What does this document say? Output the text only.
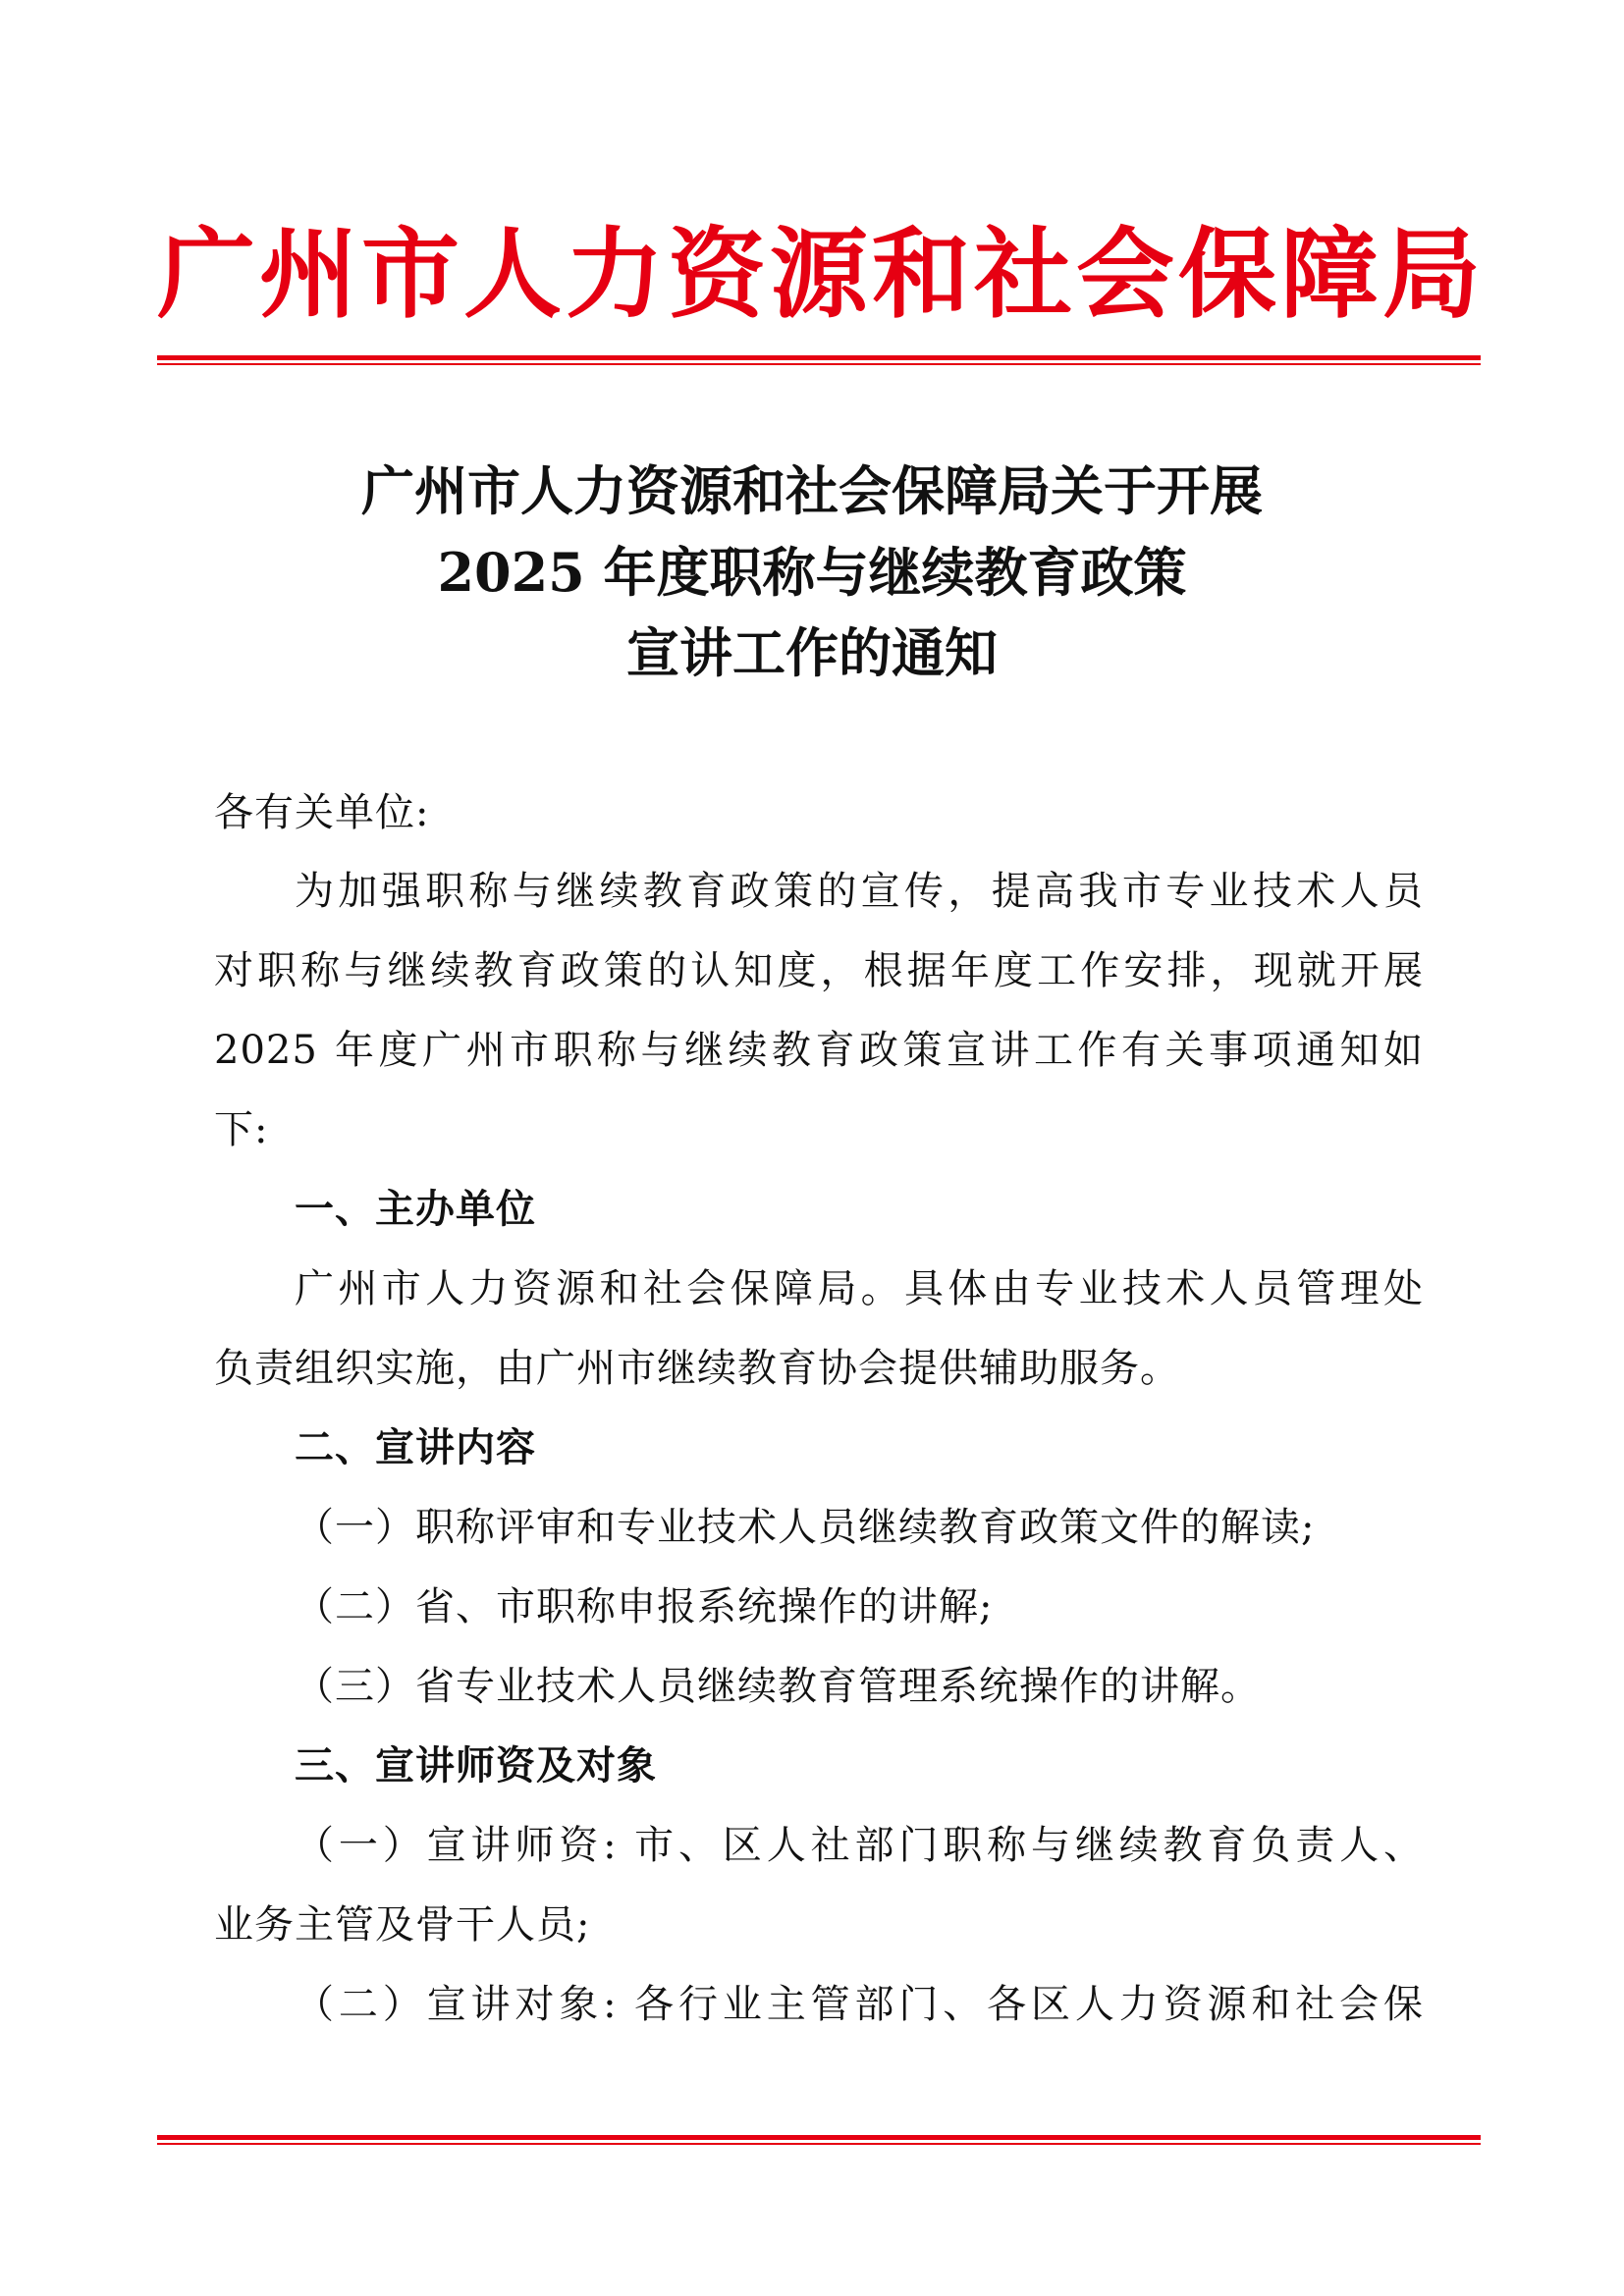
广州市人力资源和社会保障局
广州市人力资源和社会保障局关于开展
2025 年度职称与继续教育政策
宣讲工作的通知
各有关单位:
为加强职称与继续教育政策的宣传，提高我市专业技术人员
对职称与继续教育政策的认知度，根据年度工作安排，现就开展
2025 年度广州市职称与继续教育政策宣讲工作有关事项通知如
下:
一、主办单位
广州市人力资源和社会保障局。具体由专业技术人员管理处
负责组织实施，由广州市继续教育协会提供辅助服务。
二、宣讲内容
（一）职称评审和专业技术人员继续教育政策文件的解读;
（二）省、市职称申报系统操作的讲解;
（三）省专业技术人员继续教育管理系统操作的讲解。
三、宣讲师资及对象
（一）宣讲师资: 市、区人社部门职称与继续教育负责人、
业务主管及骨干人员;
（二）宣讲对象: 各行业主管部门、各区人力资源和社会保
